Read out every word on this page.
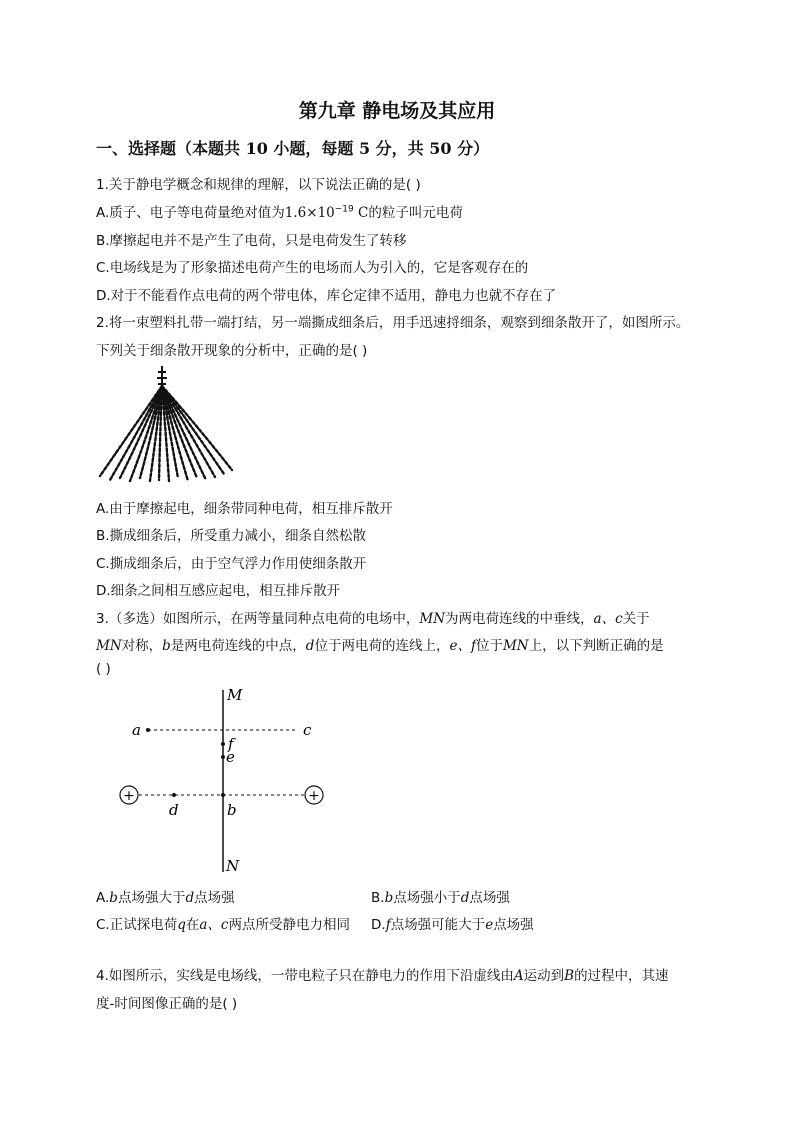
第九章 静电场及其应用
一、选择题（本题共 10 小题，每题 5 分，共 50 分）
1.关于静电学概念和规律的理解，以下说法正确的是( )
A.质子、电子等电荷量绝对值为$1.6\times 10^{-19}$ C的粒子叫元电荷
B.摩擦起电并不是产生了电荷，只是电荷发生了转移
C.电场线是为了形象描述电荷产生的电场而人为引入的，它是客观存在的
D.对于不能看作点电荷的两个带电体，库仑定律不适用，静电力也就不存在了
2.将一束塑料扎带一端打结，另一端撕成细条后，用手迅速捋细条，观察到细条散开了，如图所示。
下列关于细条散开现象的分析中，正确的是( )
A.由于摩擦起电，细条带同种电荷，相互排斥散开
B.撕成细条后，所受重力减小，细条自然松散
C.撕成细条后，由于空气浮力作用使细条散开
D.细条之间相互感应起电，相互排斥散开
3.（多选）如图所示，在两等量同种点电荷的电场中，MN为两电荷连线的中垂线，a、c关于
MN对称，b是两电荷连线的中点，d位于两电荷的连线上，e、f位于MN上，以下判断正确的是
( )
+	+
M
N
a	c
f
e
d	b
A.b点场强大于d点场强	B.b点场强小于d点场强
C.正试探电荷q在a、c两点所受静电力相同 D.f点场强可能大于e点场强
4.如图所示，实线是电场线，一带电粒子只在静电力的作用下沿虚线由A运动到B的过程中，其速
度-时间图像正确的是( )
